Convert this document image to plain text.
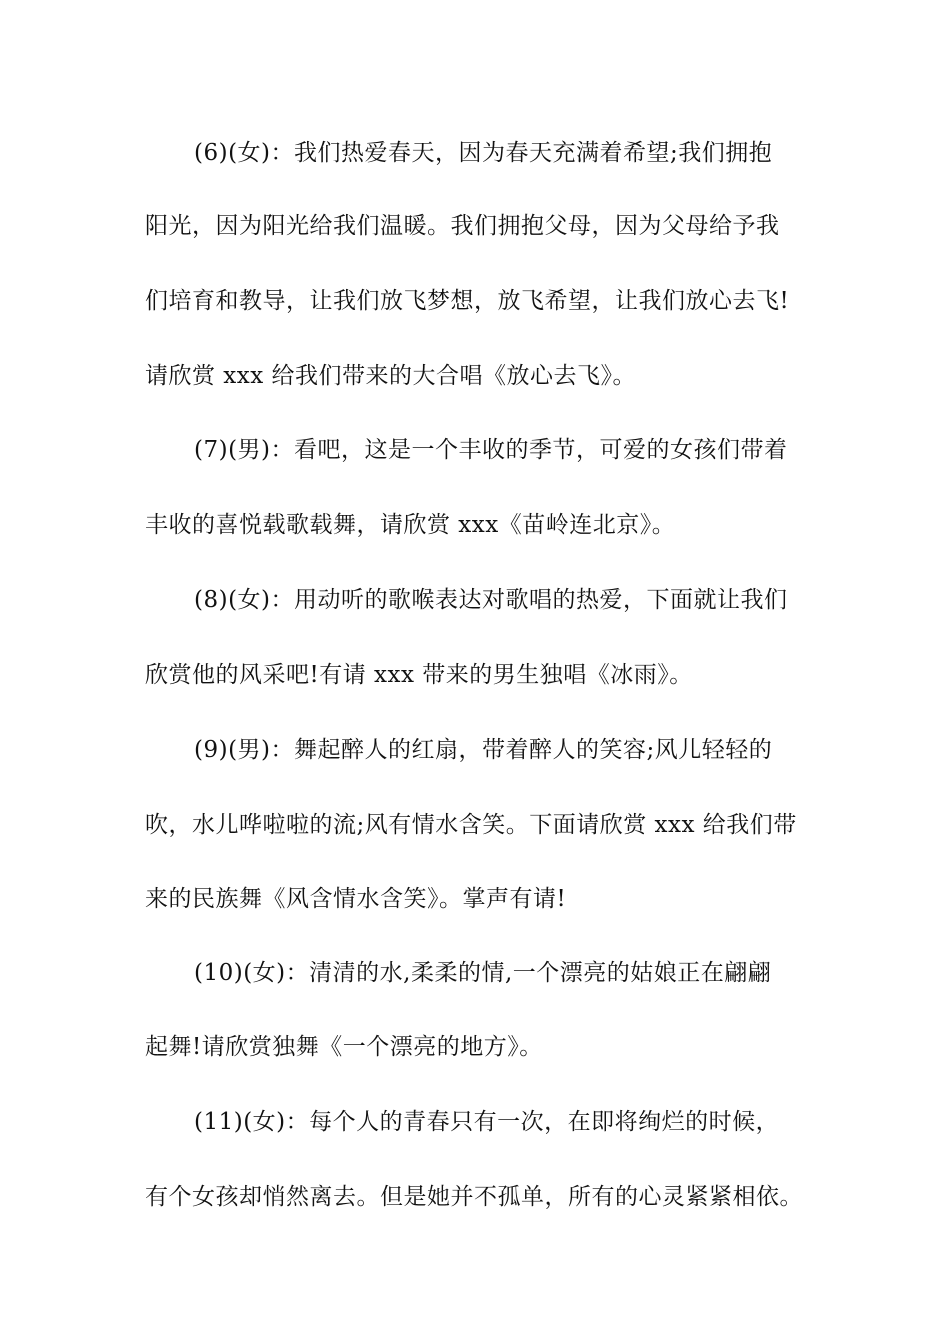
(6)(女)：我们热爱春天，因为春天充满着希望;我们拥抱
阳光，因为阳光给我们温暖。我们拥抱父母，因为父母给予我
们培育和教导，让我们放飞梦想，放飞希望，让我们放心去飞!
请欣赏 xxx 给我们带来的大合唱《放心去飞》。
(7)(男)：看吧，这是一个丰收的季节，可爱的女孩们带着
丰收的喜悦载歌载舞，请欣赏 xxx《苗岭连北京》。
(8)(女)：用动听的歌喉表达对歌唱的热爱，下面就让我们
欣赏他的风采吧!有请 xxx 带来的男生独唱《冰雨》。
(9)(男)：舞起醉人的红扇，带着醉人的笑容;风儿轻轻的
吹，水儿哗啦啦的流;风有情水含笑。下面请欣赏 xxx 给我们带
来的民族舞《风含情水含笑》。掌声有请!
(10)(女)：清清的水,柔柔的情,一个漂亮的姑娘正在翩翩
起舞!请欣赏独舞《一个漂亮的地方》。
(11)(女)：每个人的青春只有一次，在即将绚烂的时候，
有个女孩却悄然离去。但是她并不孤单，所有的心灵紧紧相依。
